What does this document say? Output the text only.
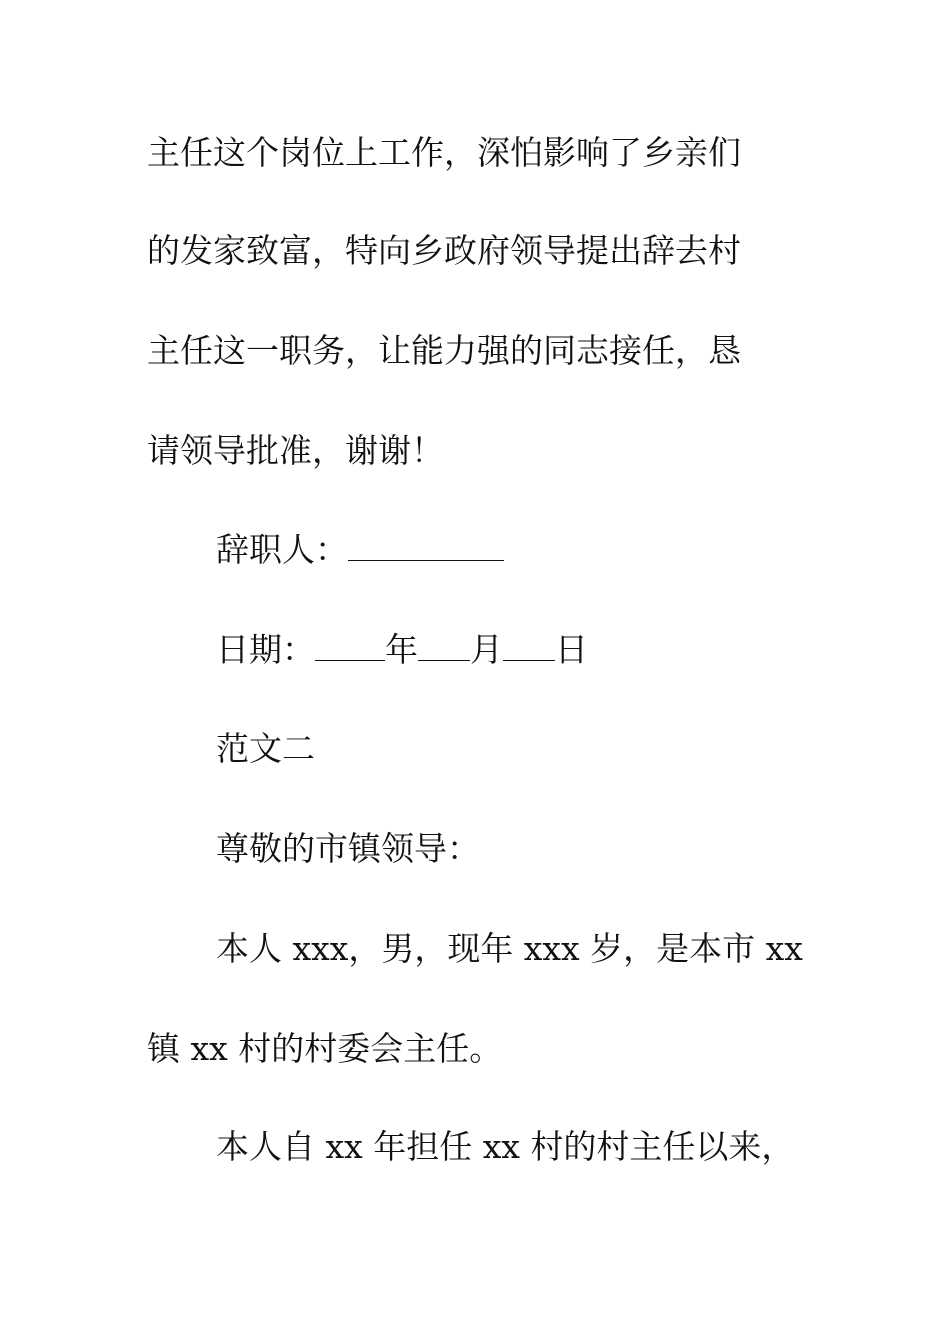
主任这个岗位上工作，深怕影响了乡亲们
的发家致富，特向乡政府领导提出辞去村
主任这一职务，让能力强的同志接任，恳
请领导批准，谢谢！
辞职人：
日期： 年 月 日
范文二
尊敬的市镇领导：
本人 xxx，男，现年 xxx 岁，是本市 xx
镇 xx 村的村委会主任。
本人自 xx 年担任 xx 村的村主任以来，
